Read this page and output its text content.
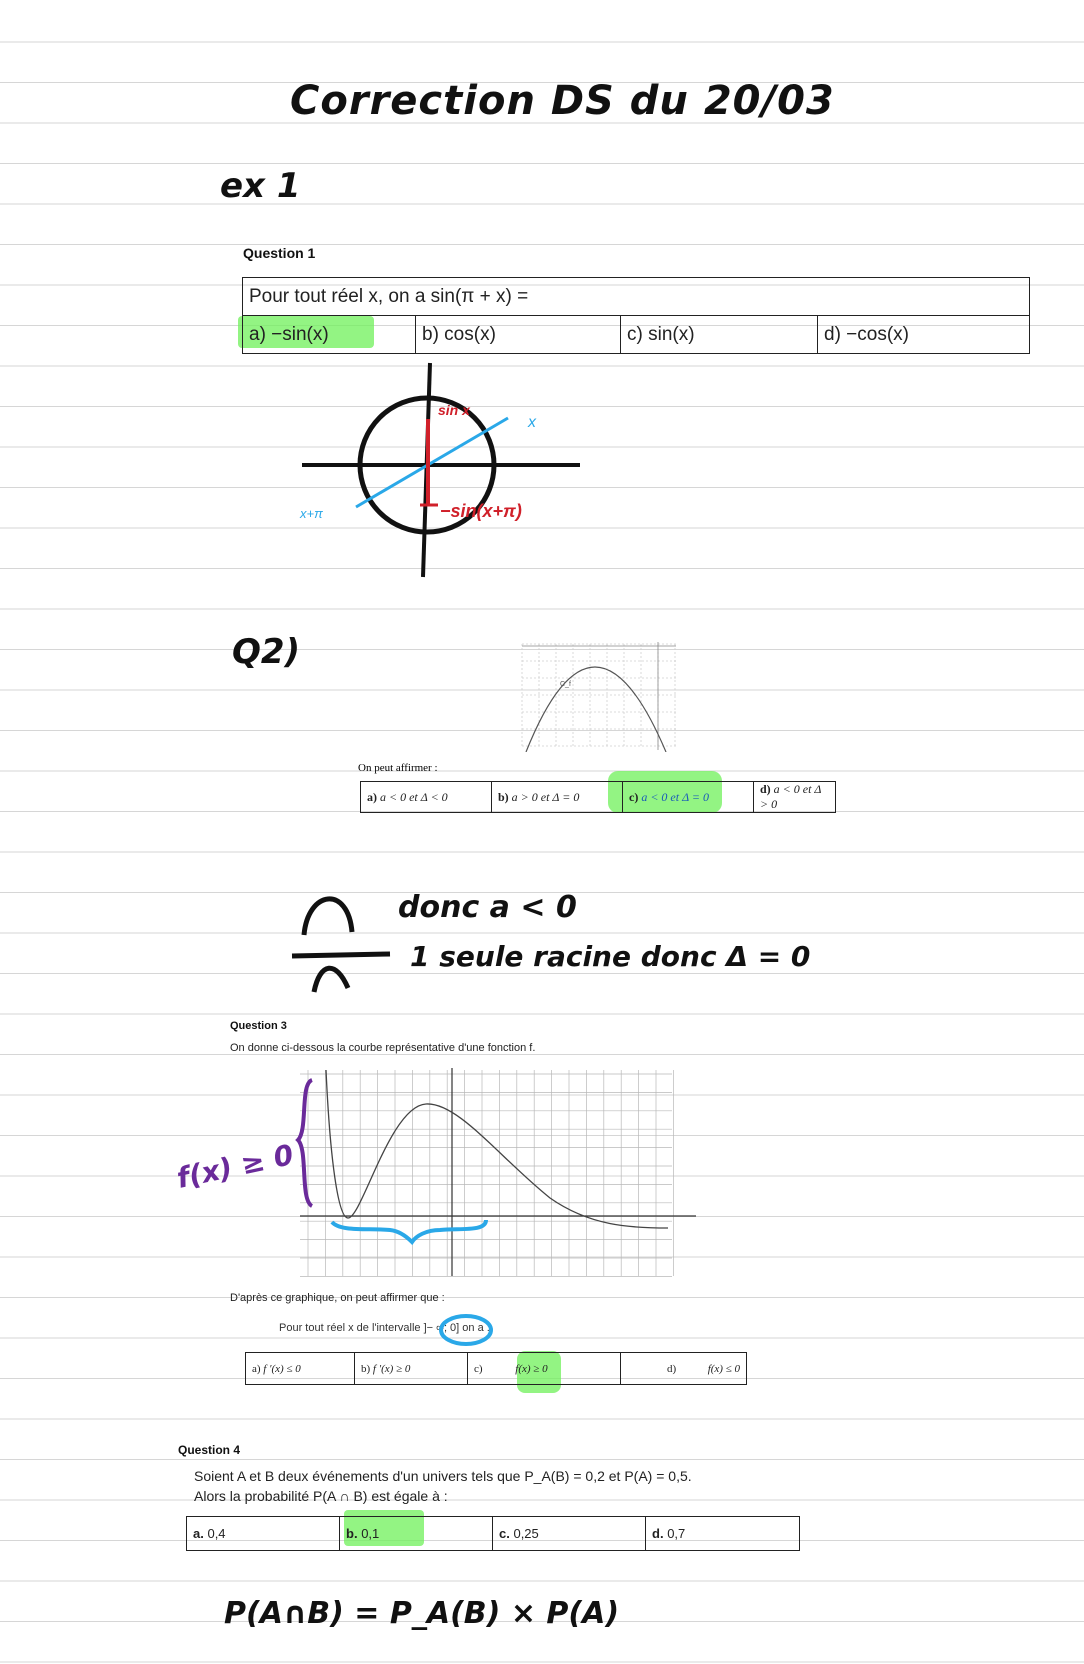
Correction DS du 20/03
ex 1
Question 1
Pour tout réel x, on a sin(π + x) =
a) −sin(x)	b) cos(x)	c) sin(x)	d) −cos(x)
sin x
x
x+π	−sin(x+π)
Q2)
C_f
On peut affirmer :
a) a < 0 et Δ < 0	b) a > 0 et Δ = 0	c) a < 0 et Δ = 0	d) a < 0 et Δ > 0
donc a < 0
1 seule racine donc Δ = 0
Question 3
On donne ci-dessous la courbe représentative d'une fonction f.
f(x) ≥ 0
D'après ce graphique, on peut affirmer que :
Pour tout réel x de l'intervalle ]− ∞; 0] on a :
a) f ′(x) ≤ 0	b) f ′(x) ≥ 0	c)	f(x) ≥ 0	d)	f(x) ≤ 0
Question 4
Soient A et B deux événements d'un univers tels que P_A(B) = 0,2 et P(A) = 0,5.
Alors la probabilité P(A ∩ B) est égale à :
a. 0,4	b. 0,1	c. 0,25	d. 0,7
P(A∩B) = P_A(B) × P(A)
